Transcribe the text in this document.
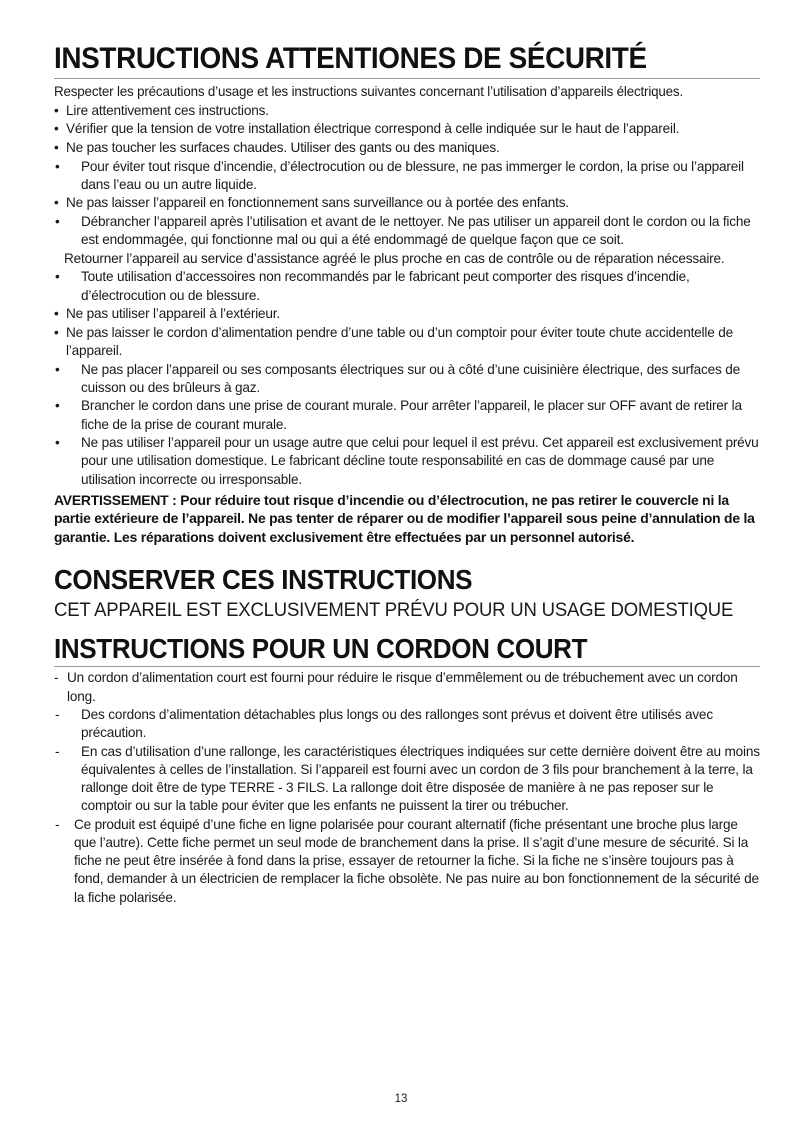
INSTRUCTIONS ATTENTIONES DE SÉCURITÉ

Respecter les précautions d’usage et les instructions suivantes concernant l’utilisation d’appareils électriques.

• Lire attentivement ces instructions.
• Vérifier que la tension de votre installation électrique correspond à celle indiquée sur le haut de l’appareil.
• Ne pas toucher les surfaces chaudes. Utiliser des gants ou des maniques.
• Pour éviter tout risque d’incendie, d’électrocution ou de blessure, ne pas immerger le cordon, la prise ou l’appareil dans l’eau ou un autre liquide.
• Ne pas laisser l’appareil en fonctionnement sans surveillance ou à portée des enfants.
• Débrancher l’appareil après l’utilisation et avant de le nettoyer. Ne pas utiliser un appareil dont le cordon ou la fiche est endommagée, qui fonctionne mal ou qui a été endommagé de quelque façon que ce soit.
Retourner l’appareil au service d’assistance agréé le plus proche en cas de contrôle ou de réparation nécessaire.
• Toute utilisation d’accessoires non recommandés par le fabricant peut comporter des risques d’incendie, d’électrocution ou de blessure.
• Ne pas utiliser l’appareil à l’extérieur.
• Ne pas laisser le cordon d’alimentation pendre d’une table ou d’un comptoir pour éviter toute chute accidentelle de l’appareil.
• Ne pas placer l’appareil ou ses composants électriques sur ou à côté d’une cuisinière électrique, des surfaces de cuisson ou des brûleurs à gaz.
• Brancher le cordon dans une prise de courant murale. Pour arrêter l’appareil, le placer sur OFF avant de retirer la fiche de la prise de courant murale.
• Ne pas utiliser l’appareil pour un usage autre que celui pour lequel il est prévu. Cet appareil est exclusivement prévu pour une utilisation domestique. Le fabricant décline toute responsabilité en cas de dommage causé par une utilisation incorrecte ou irresponsable.

AVERTISSEMENT : Pour réduire tout risque d’incendie ou d’électrocution, ne pas retirer le couvercle ni la partie extérieure de l’appareil. Ne pas tenter de réparer ou de modifier l’appareil sous peine d’annulation de la garantie. Les réparations doivent exclusivement être effectuées par un personnel autorisé.

CONSERVER CES INSTRUCTIONS

CET APPAREIL EST EXCLUSIVEMENT PRÉVU POUR UN USAGE DOMESTIQUE

INSTRUCTIONS POUR UN CORDON COURT
- Un cordon d’alimentation court est fourni pour réduire le risque d’emmêlement ou de trébuchement avec un cordon long.
- Des cordons d’alimentation détachables plus longs ou des rallonges sont prévus et doivent être utilisés avec précaution.
- En cas d’utilisation d’une rallonge, les caractéristiques électriques indiquées sur cette dernière doivent être au moins équivalentes à celles de l’installation. Si l’appareil est fourni avec un cordon de 3 fils pour branchement à la terre, la rallonge doit être de type TERRE - 3 FILS. La rallonge doit être disposée de manière à ne pas reposer sur le comptoir ou sur la table pour éviter que les enfants ne puissent la tirer ou trébucher.
- Ce produit est équipé d’une fiche en ligne polarisée pour courant alternatif (fiche présentant une broche plus large que l’autre). Cette fiche permet un seul mode de branchement dans la prise. Il s’agit d’une mesure de sécurité. Si la fiche ne peut être insérée à fond dans la prise, essayer de retourner la fiche. Si la fiche ne s’insère toujours pas à fond, demander à un électricien de remplacer la fiche obsolète. Ne pas nuire au bon fonctionnement de la sécurité de la fiche polarisée.
13
